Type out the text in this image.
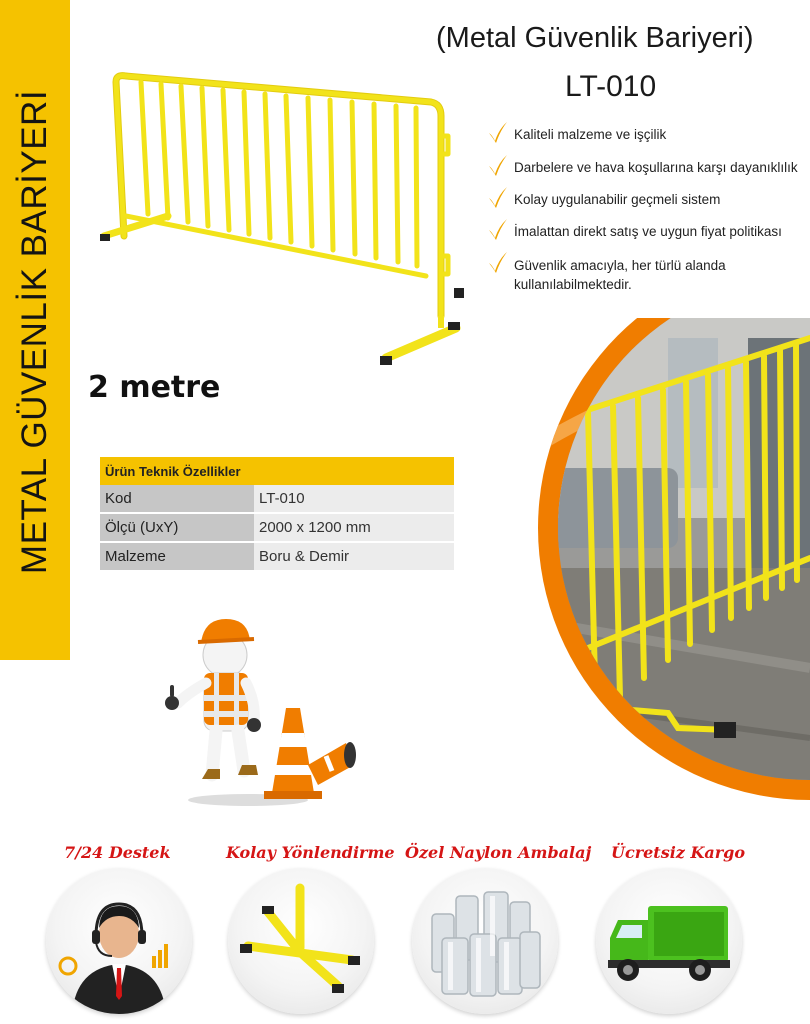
METAL GÜVENLİK BARİYERİ
(Metal Güvenlik Bariyeri)
LT-010
Kaliteli malzeme ve işçilik
Darbelere ve hava koşullarına karşı dayanıklılık
Kolay uygulanabilir geçmeli sistem
İmalattan direkt satış ve uygun fiyat politikası
Güvenlik amacıyla, her türlü alanda kullanılabilmektedir.
2 metre
Ürün Teknik Özellikler	
Kod	LT-010
Ölçü (UxY)	2000 x 1200 mm
Malzeme	Boru & Demir
7/24 Destek	Kolay Yönlendirme Özel Naylon Ambalaj Ücretsiz Kargo
